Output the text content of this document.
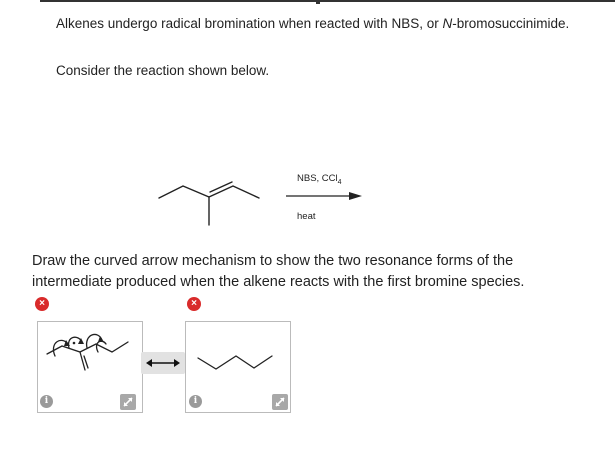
Alkenes undergo radical bromination when reacted with NBS, or N-bromosuccinimide.
Consider the reaction shown below.
NBS, CCl$_4$
heat
Draw the curved arrow mechanism to show the two resonance forms of the intermediate produced when the alkene reacts with the first bromine species.
×	×
i	i
